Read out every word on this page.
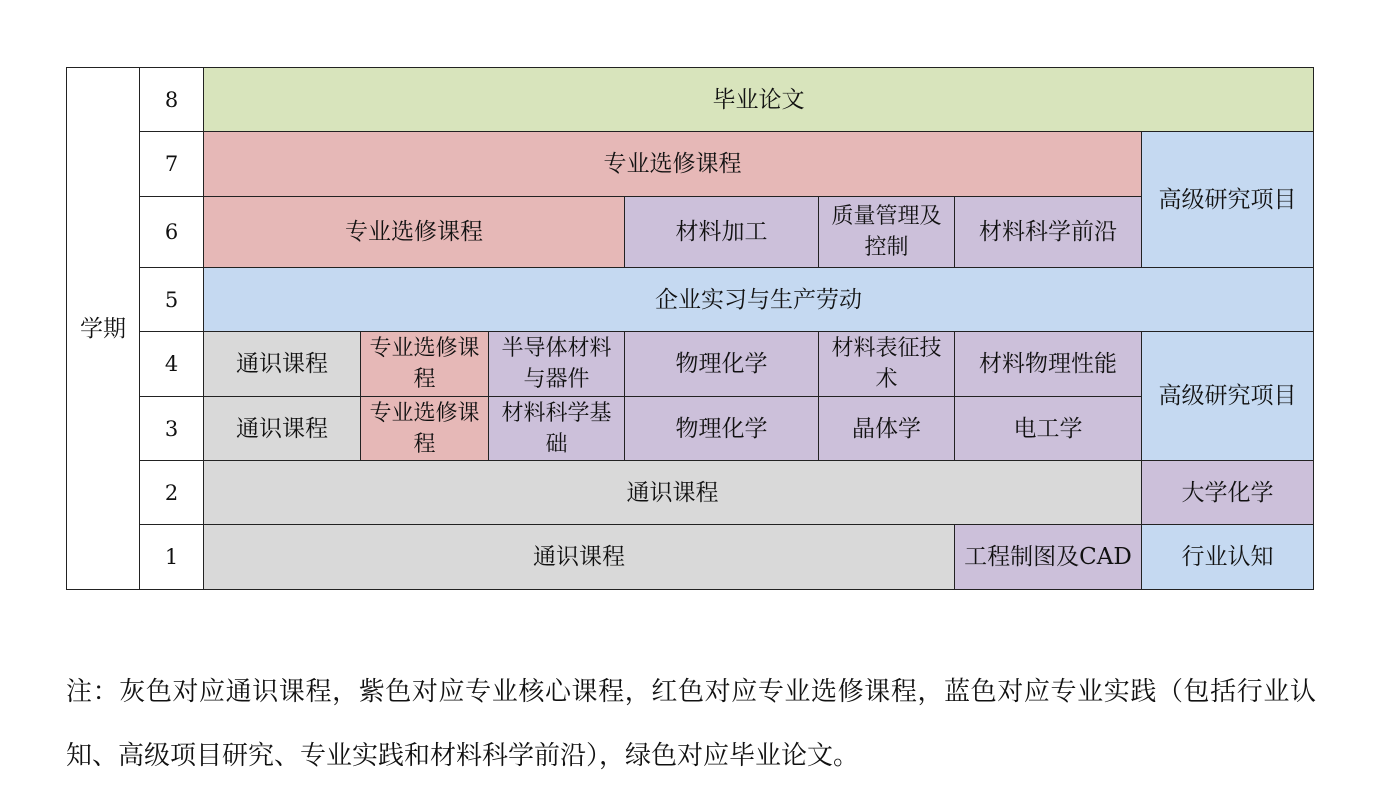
学期	8	毕业论文						
	7	专业选修课程						高级研究项目
	6	专业选修课程			材料加工	质量管理及控制	材料科学前沿	
	5	企业实习与生产劳动						
	4	通识课程	专业选修课程	半导体材料与器件	物理化学	材料表征技术	材料物理性能	高级研究项目
	3	通识课程	专业选修课程	材料科学基础	物理化学	晶体学	电工学	
	2	通识课程						大学化学
	1	通识课程					工程制图及CAD	行业认知

注：灰色对应通识课程，紫色对应专业核心课程，红色对应专业选修课程，蓝色对应专业实践（包括行业认知、高级项目研究、专业实践和材料科学前沿），绿色对应毕业论文。
